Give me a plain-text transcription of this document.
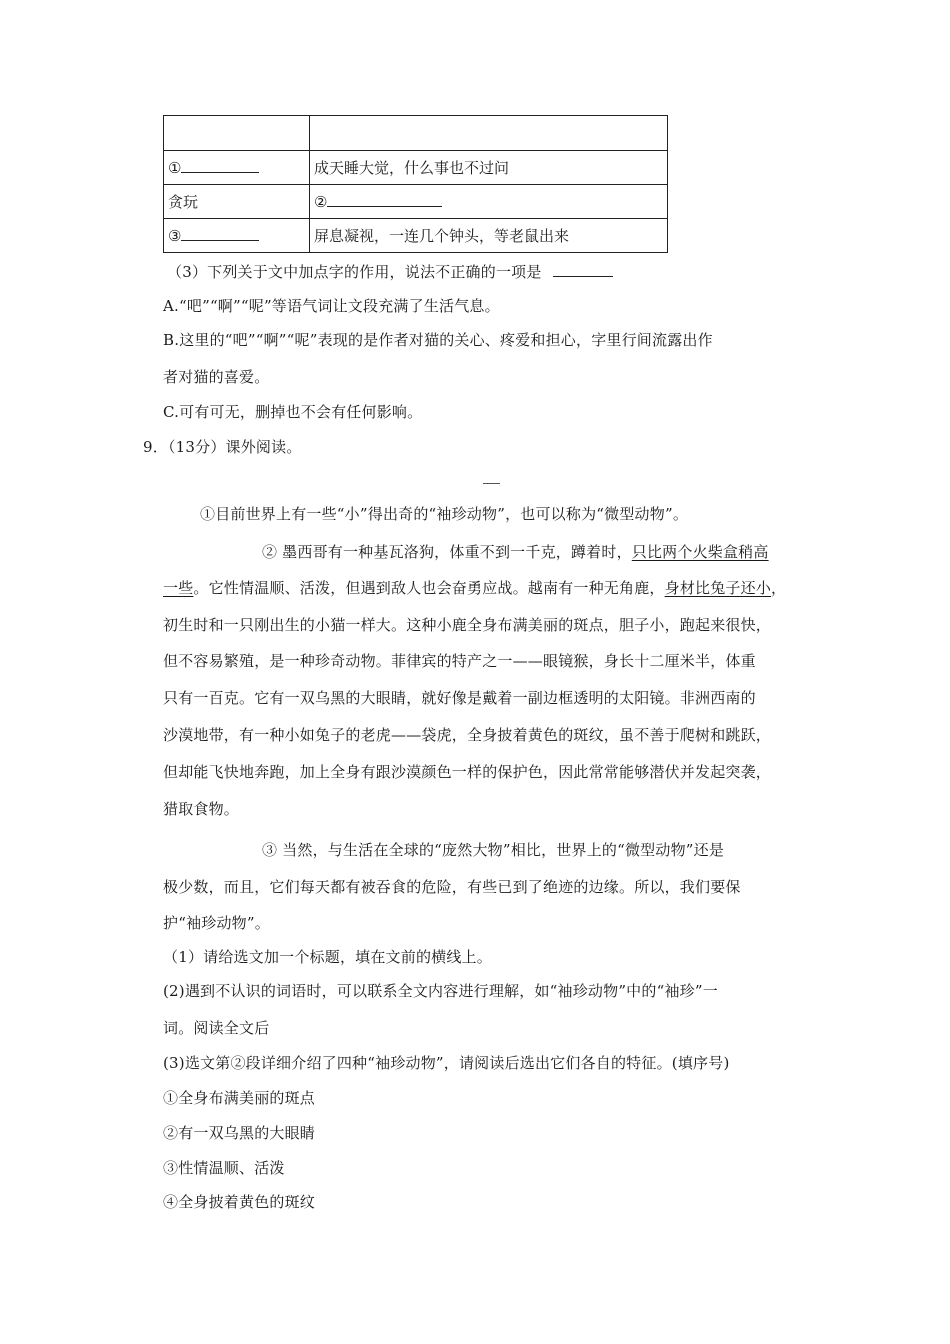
①	成天睡大觉，什么事也不过问
贪玩	②
③	屏息凝视，一连几个钟头，等老鼠出来
（3）下列关于文中加点字的作用，说法不正确的一项是
A.“吧”“啊”“呢”等语气词让文段充满了生活气息。
B.这里的“吧”“啊”“呢”表现的是作者对猫的关心、疼爱和担心，字里行间流露出作
者对猫的喜爱。
C.可有可无，删掉也不会有任何影响。
9．（13分）课外阅读。
①目前世界上有一些“小”得出奇的“袖珍动物”，也可以称为“微型动物”。
② 墨西哥有一种基瓦洛狗，体重不到一千克，蹲着时，只比两个火柴盒稍高
一些。它性情温顺、活泼，但遇到敌人也会奋勇应战。越南有一种无角鹿，身材比兔子还小，
初生时和一只刚出生的小猫一样大。这种小鹿全身布满美丽的斑点，胆子小，跑起来很快，
但不容易繁殖，是一种珍奇动物。菲律宾的特产之一——眼镜猴，身长十二厘米半，体重
只有一百克。它有一双乌黑的大眼睛，就好像是戴着一副边框透明的太阳镜。非洲西南的
沙漠地带，有一种小如兔子的老虎——袋虎，全身披着黄色的斑纹，虽不善于爬树和跳跃，
但却能飞快地奔跑，加上全身有跟沙漠颜色一样的保护色，因此常常能够潜伏并发起突袭，
猎取食物。
③ 当然，与生活在全球的“庞然大物”相比，世界上的“微型动物”还是
极少数，而且，它们每天都有被吞食的危险，有些已到了绝迹的边缘。所以，我们要保
护“袖珍动物”。
（1）请给选文加一个标题，填在文前的横线上。
(2)遇到不认识的词语时，可以联系全文内容进行理解，如“袖珍动物”中的“袖珍”一
词。阅读全文后
(3)选文第②段详细介绍了四种“袖珍动物”，请阅读后选出它们各自的特征。(填序号)
①全身布满美丽的斑点
②有一双乌黑的大眼睛
③性情温顺、活泼
④全身披着黄色的斑纹
